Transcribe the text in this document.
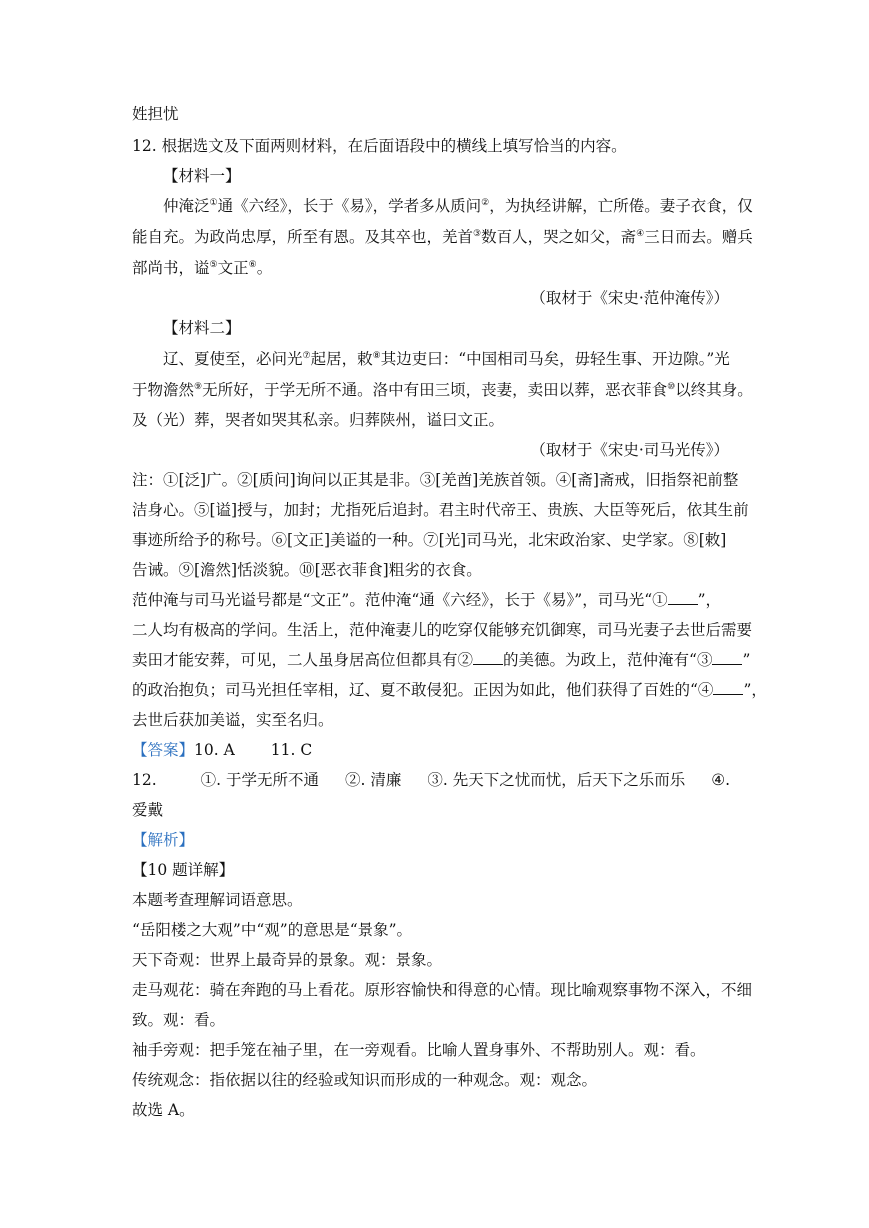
姓担忧
12. 根据选文及下面两则材料，在后面语段中的横线上填写恰当的内容。
【材料一】
仲淹泛①通《六经》，长于《易》，学者多从质问②，为执经讲解，亡所倦。妻子衣食，仅
能自充。为政尚忠厚，所至有恩。及其卒也，羌首③数百人，哭之如父，斋④三日而去。赠兵
部尚书，谥⑤文正⑥。
（取材于《宋史·范仲淹传》）
【材料二】
辽、夏使至，必问光⑦起居，敕⑧其边吏曰：“中国相司马矣，毋轻生事、开边隙。”光
于物澹然⑨无所好，于学无所不通。洛中有田三顷，丧妻，卖田以葬，恶衣菲食⑩以终其身。
及（光）葬，哭者如哭其私亲。归葬陕州，谥曰文正。
（取材于《宋史·司马光传》）
注：①[泛]广。②[质问]询问以正其是非。③[羌酋]羌族首领。④[斋]斋戒，旧指祭祀前整
洁身心。⑤[谥]授与，加封；尤指死后追封。君主时代帝王、贵族、大臣等死后，依其生前
事迹所给予的称号。⑥[文正]美谥的一种。⑦[光]司马光，北宋政治家、史学家。⑧[敕]
告诫。⑨[澹然]恬淡貌。⑩[恶衣菲食]粗劣的衣食。
范仲淹与司马光谥号都是“文正”。范仲淹“通《六经》，长于《易》”，司马光“① ”，
二人均有极高的学问。生活上，范仲淹妻儿的吃穿仅能够充饥御寒，司马光妻子去世后需要
卖田才能安葬，可见，二人虽身居高位但都具有② 的美德。为政上，范仲淹有“③ ”
的政治抱负；司马光担任宰相，辽、夏不敢侵犯。正因为如此，他们获得了百姓的“④ ”，
去世后获加美谥，实至名归。
【答案】10. A 11. C
12.	①. 于学无所不通 ②. 清廉 ③. 先天下之忧而忧，后天下之乐而乐 ④.
爱戴
【解析】
【10 题详解】
本题考查理解词语意思。
“岳阳楼之大观”中“观”的意思是“景象”。
天下奇观：世界上最奇异的景象。观：景象。
走马观花：骑在奔跑的马上看花。原形容愉快和得意的心情。现比喻观察事物不深入，不细
致。观：看。
袖手旁观：把手笼在袖子里，在一旁观看。比喻人置身事外、不帮助别人。观：看。
传统观念：指依据以往的经验或知识而形成的一种观念。观：观念。
故选 A。
